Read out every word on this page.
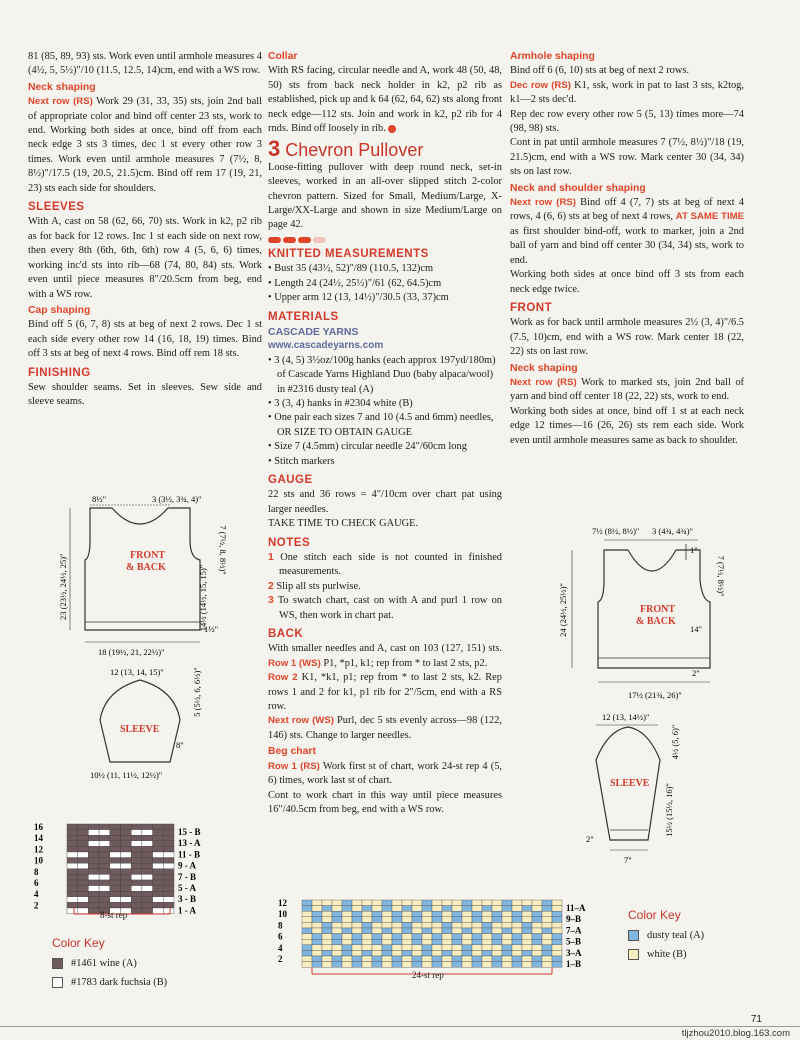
81 (85, 89, 93) sts. Work even until armhole measures 4 (4½, 5, 5½)"/10 (11.5, 12.5, 14)cm, end with a WS row.

Neck shaping

Next row (RS) Work 29 (31, 33, 35) sts, join 2nd ball of appropriate color and bind off center 23 sts, work to end. Working both sides at once, bind off from each neck edge 3 sts 3 times, dec 1 st every other row 3 times. Work even until armhole measures 7 (7½, 8, 8½)"/17.5 (19, 20.5, 21.5)cm. Bind off rem 17 (19, 21, 23) sts each side for shoulders.

SLEEVES

With A, cast on 58 (62, 66, 70) sts. Work in k2, p2 rib as for back for 12 rows. Inc 1 st each side on next row, then every 8th (6th, 6th, 6th) row 4 (5, 6, 6) times, working inc'd sts into rib—68 (74, 80, 84) sts. Work even until piece measures 8"/20.5cm from beg, end with a WS row.

Cap shaping

Bind off 5 (6, 7, 8) sts at beg of next 2 rows. Dec 1 st each side every other row 14 (16, 18, 19) times. Bind off 3 sts at beg of next 4 rows. Bind off rem 18 sts.

FINISHING

Sew shoulder seams. Set in sleeves. Sew side and sleeve seams.

Collar

With RS facing, circular needle and A, work 48 (50, 48, 50) sts from back neck holder in k2, p2 rib as established, pick up and k 64 (62, 64, 62) sts along front neck edge—112 sts. Join and work in k2, p2 rib for 4 rnds. Bind off loosely in rib.

3 Chevron Pullover

Loose-fitting pullover with deep round neck, set-in sleeves, worked in an all-over slipped stitch 2-color chevron pattern. Sized for Small, Medium/Large, X-Large/XX-Large and shown in size Medium/Large on page 42.

KNITTED MEASUREMENTS
• Bust 35 (43½, 52)"/89 (110.5, 132)cm
• Length 24 (24½, 25½)"/61 (62, 64.5)cm
• Upper arm 12 (13, 14½)"/30.5 (33, 37)cm
MATERIALS
CASCADE YARNS
www.cascadeyarns.com
• 3 (4, 5) 3½oz/100g hanks (each approx 197yd/180m) of Cascade Yarns Highland Duo (baby alpaca/wool) in #2316 dusty teal (A)
• 3 (3, 4) hanks in #2304 white (B)
• One pair each sizes 7 and 10 (4.5 and 6mm) needles, OR SIZE TO OBTAIN GAUGE
• Size 7 (4.5mm) circular needle 24"/60cm long
• Stitch markers
GAUGE

22 sts and 36 rows = 4"/10cm over chart pat using larger needles.

TAKE TIME TO CHECK GAUGE.

NOTES

1 One stitch each side is not counted in finished measurements.

2 Slip all sts purlwise.

3 To swatch chart, cast on with A and purl 1 row on WS, then work in chart pat.

BACK

With smaller needles and A, cast on 103 (127, 151) sts. Row 1 (WS) P1, *p1, k1; rep from * to last 2 sts, p2.

Row 2 K1, *k1, p1; rep from * to last 2 sts, k2. Rep rows 1 and 2 for k1, p1 rib for 2"/5cm, end with a RS row.

Next row (WS) Purl, dec 5 sts evenly across—98 (122, 146) sts. Change to larger needles.

Beg chart

Row 1 (RS) Work first st of chart, work 24-st rep 4 (5, 6) times, work last st of chart.

Cont to work chart in this way until piece measures 16"/40.5cm from beg, end with a WS row.

Armhole shaping

Bind off 6 (6, 10) sts at beg of next 2 rows.

Dec row (RS) K1, ssk, work in pat to last 3 sts, k2tog, k1—2 sts dec'd.

Rep dec row every other row 5 (5, 13) times more—74 (98, 98) sts.

Cont in pat until armhole measures 7 (7½, 8½)"/18 (19, 21.5)cm, end with a WS row. Mark center 30 (34, 34) sts on last row.

Neck and shoulder shaping

Next row (RS) Bind off 4 (7, 7) sts at beg of next 4 rows, 4 (6, 6) sts at beg of next 4 rows, AT SAME TIME as first shoulder bind-off, work to marker, join a 2nd ball of yarn and bind off center 30 (34, 34) sts, work to end.

Working both sides at once bind off 3 sts from each neck edge twice.

FRONT

Work as for back until armhole measures 2½ (3, 4)"/6.5 (7.5, 10)cm, end with a WS row. Mark center 18 (22, 22) sts on last row.

Neck shaping

Next row (RS) Work to marked sts, join 2nd ball of yarn and bind off center 18 (22, 22) sts, work to end.

Working both sides at once, bind off 1 st at each neck edge 12 times—16 (26, 26) sts rem each side. Work even until armhole measures same as back to shoulder.

FRONT
& BACK
8½"	3 (3½, 3¾, 4)"
23 (23½, 24½, 25)"
7 (7½, 8, 8½)"
14½ (14½, 15, 15)"
1½"
18 (19½, 21, 22½)"
SLEEVE
12 (13, 14, 15)"	5 (5½, 6, 6½)"
8"
10½ (11, 11½, 12½)"
16
14
12
10
8
6
4
2
15 - B
13 - A
11 - B
9 - A
7 - B
5 - A
3 - B
1 - A
8-st rep
Color Key
#1461 wine (A)
#1783 dark fuchsia (B)
FRONT
& BACK
7½ (8½, 8½)" 3 (4¾, 4¾)"
1"
7 (7½, 8½)"
24 (24½, 25½)"	14"
2"
17½ (21¾, 26)"
12 (13, 14½)"
SLEEVE
4½ (5, 6)"
15½ (15½, 16)"
2"
7"
12
10
8
6
4
2
11–A
9–B
7–A
5–B
3–A
1–B
24-st rep
Color Key
dusty teal (A)
white (B)
71
tljzhou2010.blog.163.com
